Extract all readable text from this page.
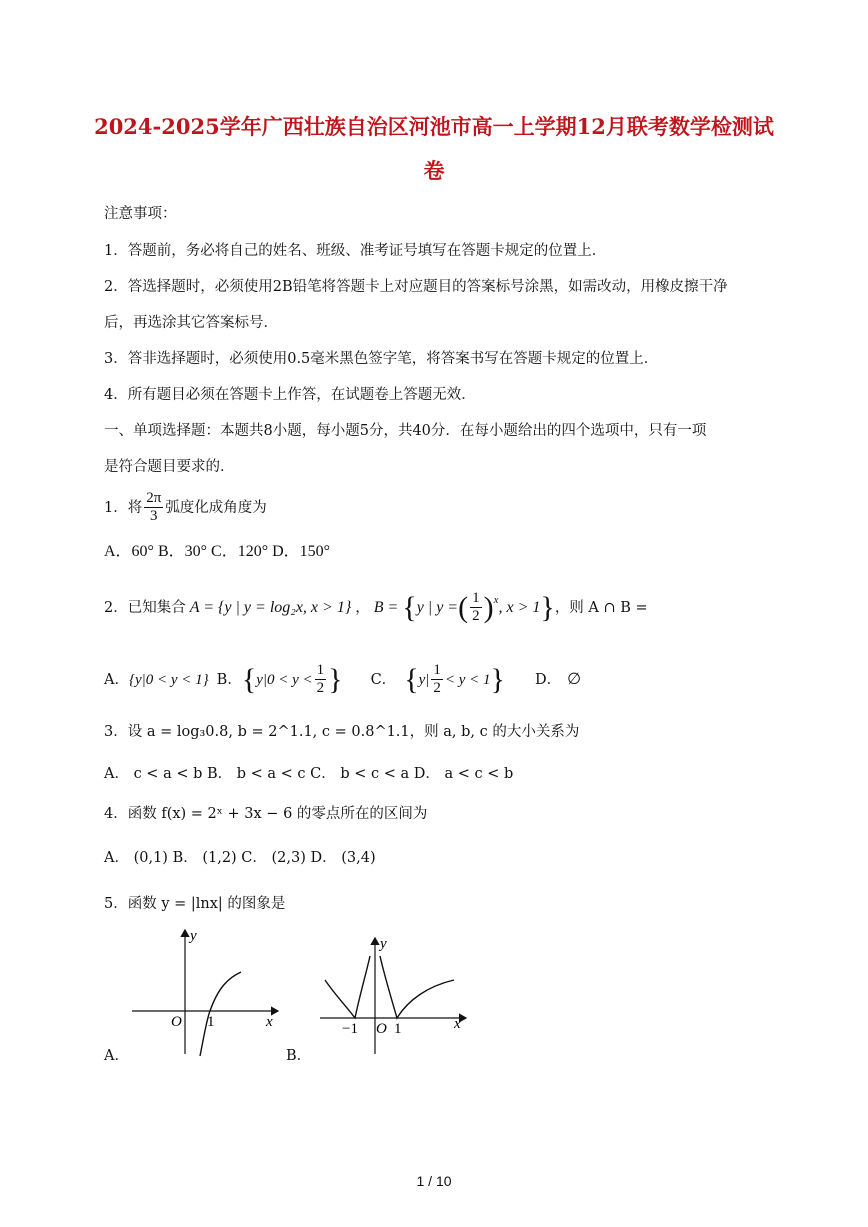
2024-2025学年广西壮族自治区河池市高一上学期12月联考数学检测试
卷
注意事项：
1．答题前，务必将自己的姓名、班级、准考证号填写在答题卡规定的位置上．
2．答选择题时，必须使用2B铅笔将答题卡上对应题目的答案标号涂黑，如需改动，用橡皮擦干净
后，再选涂其它答案标号．
3．答非选择题时，必须使用0.5毫米黑色签字笔，将答案书写在答题卡规定的位置上．
4．所有题目必须在答题卡上作答，在试题卷上答题无效．
一、单项选择题：本题共8小题，每小题5分，共40分．在每小题给出的四个选项中，只有一项
是符合题目要求的．
1．将 $\frac{2\pi}{3}$ 弧度化成角度为
A．60° B．30° C．120° D．150°
2．已知集合 A = {y | y = log₂x, x > 1} ， B = { y | y = ( $\frac{1}{2} )^x$ , x > 1 } ，则 A ∩ B =
A． {y|0 < y < 1} B． { $y|0 < y < \frac{1}{2}$ } C． { $y| \frac{1}{2} < y < 1$ } D． ∅
3．设 a = log₃0.8, b = 2^1.1, c = 0.8^1.1，则 a, b, c 的大小关系为
A． c < a < b B． b < a < c C． b < c < a D． a < c < b
4．函数 f(x) = 2ˣ + 3x − 6 的零点所在的区间为
A． (0,1) B． (1,2) C． (2,3) D． (3,4)
5．函数 y = |lnx| 的图象是
A．	B．
y
x
O 1
y
x
−1 O 1
1 / 10
